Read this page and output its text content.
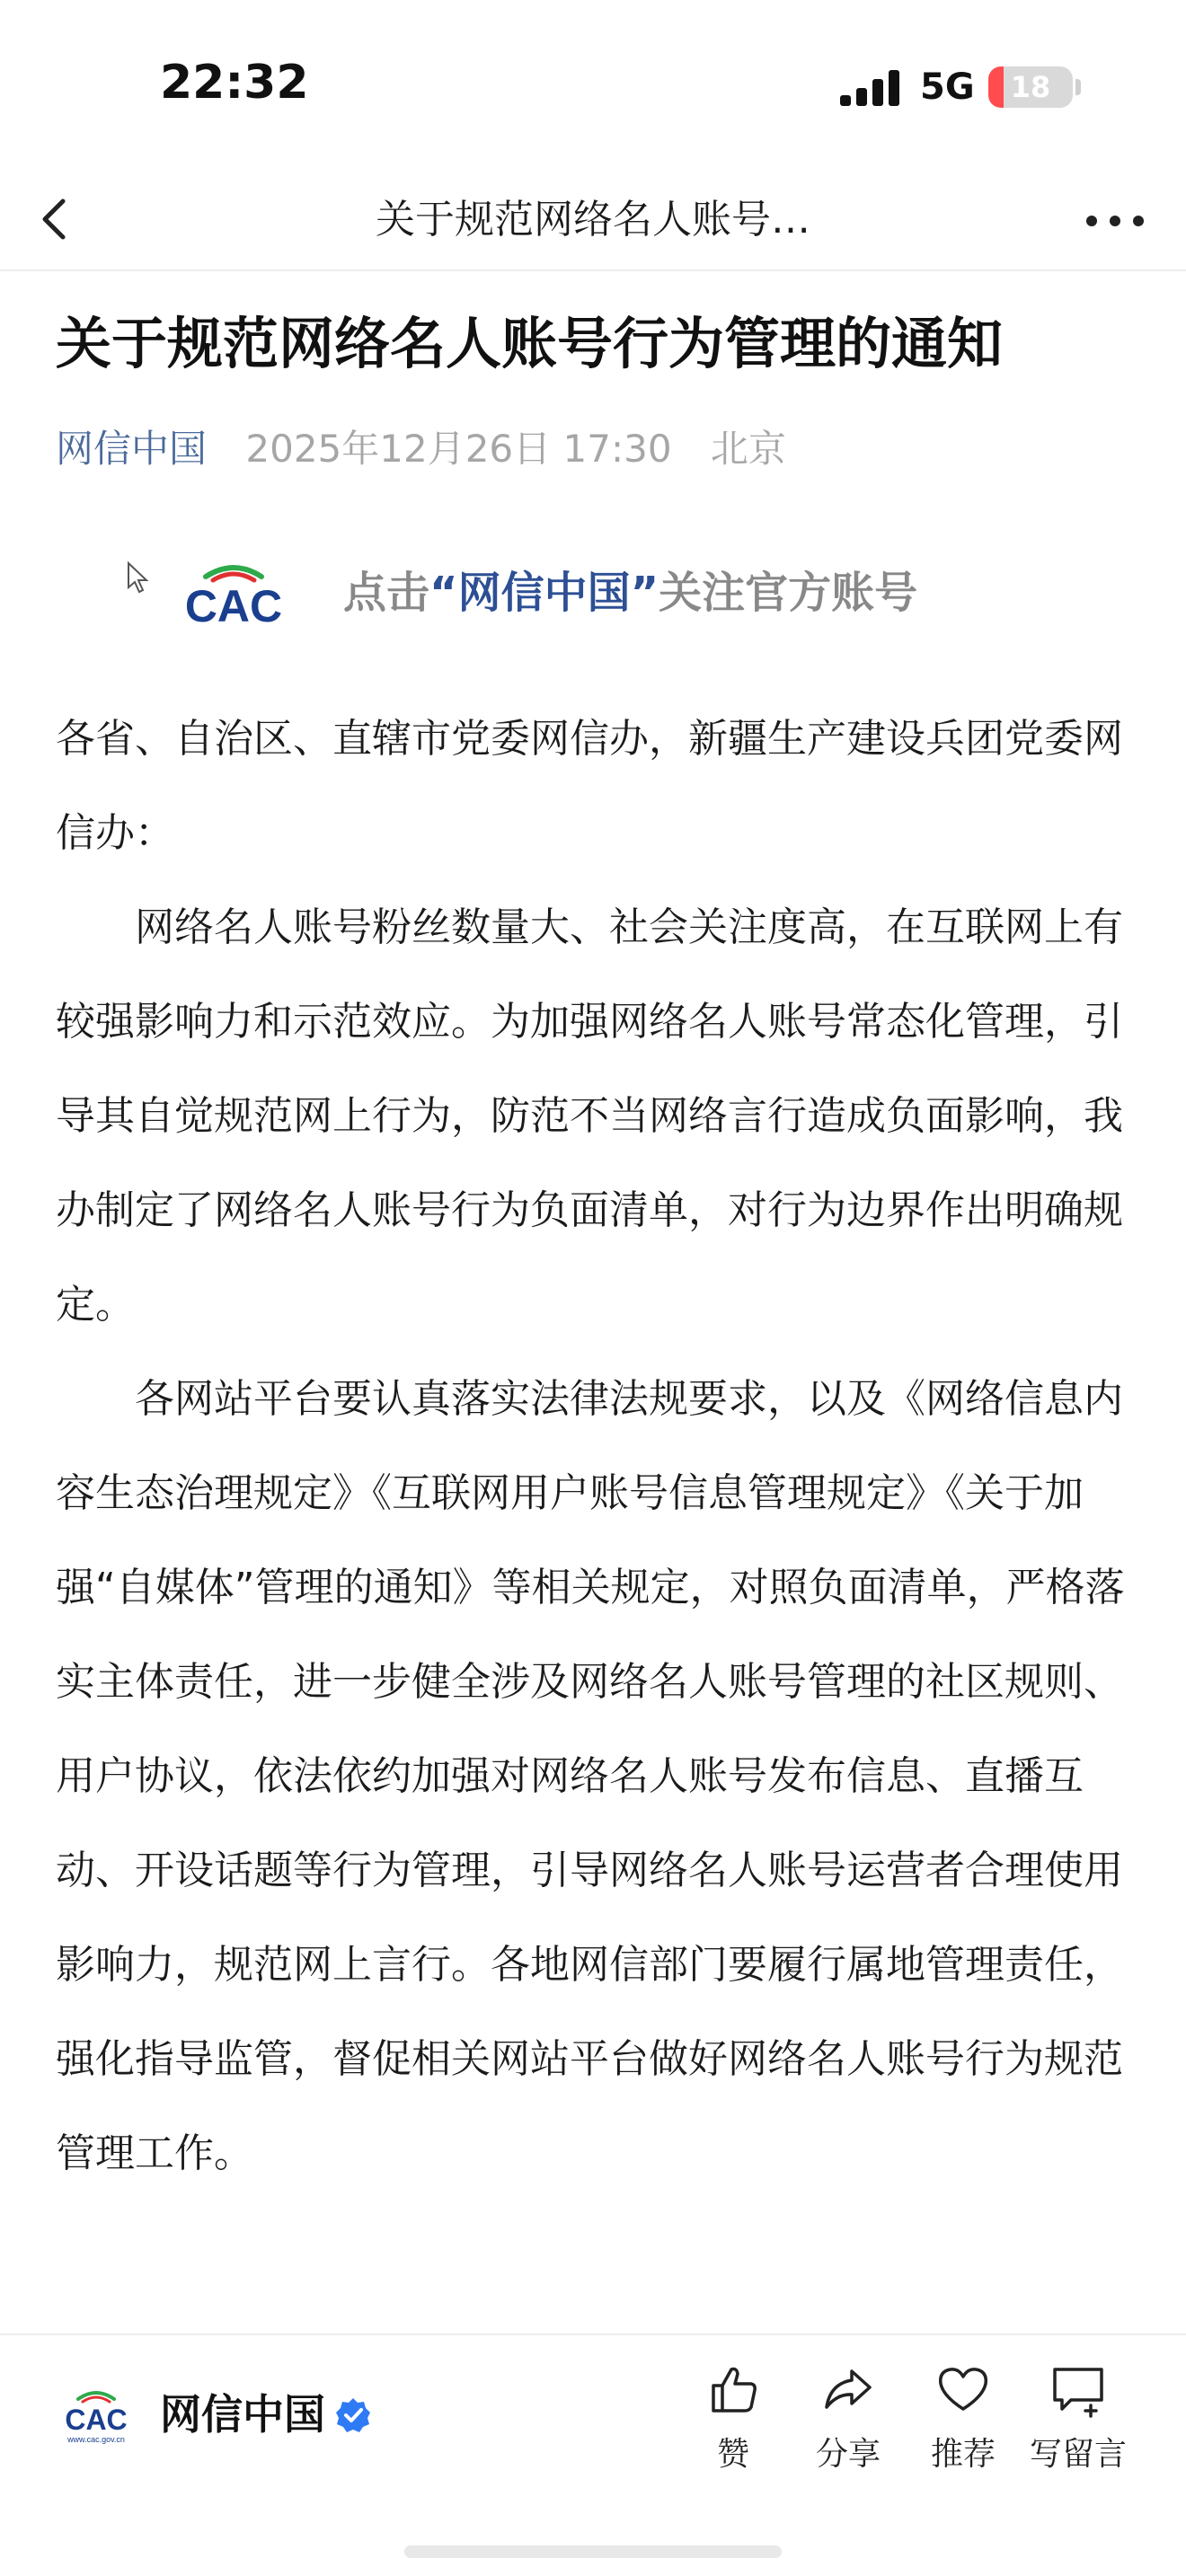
22:32	5G	18
关于规范网络名人账号…
关于规范网络名人账号行为管理的通知
网信中国 2025年12月26日 17:30 北京
CAC 点击“网信中国”关注官方账号

各省、自治区、直辖市党委网信办，新疆生产建设兵团党委网信办：

网络名人账号粉丝数量大、社会关注度高，在互联网上有较强影响力和示范效应。为加强网络名人账号常态化管理，引导其自觉规范网上行为，防范不当网络言行造成负面影响，我办制定了网络名人账号行为负面清单，对行为边界作出明确规定。

各网站平台要认真落实法律法规要求，以及《网络信息内容生态治理规定》《互联网用户账号信息管理规定》《关于加强“自媒体”管理的通知》等相关规定，对照负面清单，严格落实主体责任，进一步健全涉及网络名人账号管理的社区规则、用户协议，依法依约加强对网络名人账号发布信息、直播互动、开设话题等行为管理，引导网络名人账号运营者合理使用影响力，规范网上言行。各地网信部门要履行属地管理责任，强化指导监管，督促相关网站平台做好网络名人账号行为规范管理工作。

CAC
www.cac.gov.cn
网信中国
赞	分享	推荐	写留言
